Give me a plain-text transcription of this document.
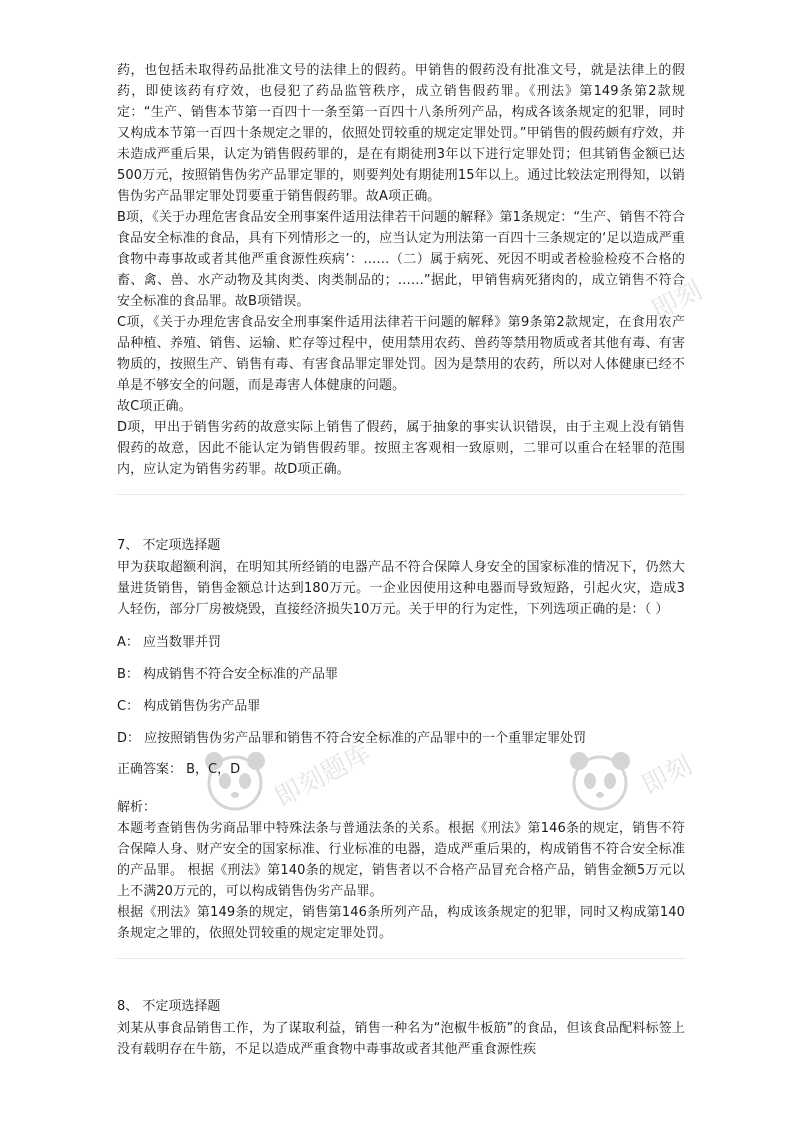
即刻
即刻题库	即刻

药，也包括未取得药品批准文号的法律上的假药。甲销售的假药没有批准文号，就是法律上的假药，即使该药有疗效，也侵犯了药品监管秩序，成立销售假药罪。《刑法》第149条第2款规定：“生产、销售本节第一百四十一条至第一百四十八条所列产品，构成各该条规定的犯罪，同时又构成本节第一百四十条规定之罪的，依照处罚较重的规定定罪处罚。”甲销售的假药颇有疗效，并未造成严重后果，认定为销售假药罪的，是在有期徒刑3年以下进行定罪处罚；但其销售金额已达500万元，按照销售伪劣产品罪定罪的，则要判处有期徒刑15年以上。通过比较法定刑得知，以销售伪劣产品罪定罪处罚要重于销售假药罪。故A项正确。

B项，《关于办理危害食品安全刑事案件适用法律若干问题的解释》第1条规定：“生产、销售不符合食品安全标准的食品，具有下列情形之一的，应当认定为刑法第一百四十三条规定的‘足以造成严重食物中毒事故或者其他严重食源性疾病’：……（二）属于病死、死因不明或者检验检疫不合格的畜、禽、兽、水产动物及其肉类、肉类制品的；……”据此，甲销售病死猪肉的，成立销售不符合安全标准的食品罪。故B项错误。

C项，《关于办理危害食品安全刑事案件适用法律若干问题的解释》第9条第2款规定，在食用农产品种植、养殖、销售、运输、贮存等过程中，使用禁用农药、兽药等禁用物质或者其他有毒、有害物质的，按照生产、销售有毒、有害食品罪定罪处罚。因为是禁用的农药，所以对人体健康已经不单是不够安全的问题，而是毒害人体健康的问题。

故C项正确。

D项，甲出于销售劣药的故意实际上销售了假药，属于抽象的事实认识错误，由于主观上没有销售假药的故意，因此不能认定为销售假药罪。按照主客观相一致原则，二罪可以重合在轻罪的范围内，应认定为销售劣药罪。故D项正确。

7、 不定项选择题

甲为获取超额利润，在明知其所经销的电器产品不符合保障人身安全的国家标准的情况下，仍然大量进货销售，销售金额总计达到180万元。一企业因使用这种电器而导致短路，引起火灾，造成3人轻伤，部分厂房被烧毁，直接经济损失10万元。关于甲的行为定性，下列选项正确的是：（ ）

A： 应当数罪并罚

B： 构成销售不符合安全标准的产品罪

C： 构成销售伪劣产品罪

D： 应按照销售伪劣产品罪和销售不符合安全标准的产品罪中的一个重罪定罪处罚

正确答案： B，C，D
解析：

本题考查销售伪劣商品罪中特殊法条与普通法条的关系。根据《刑法》第146条的规定，销售不符合保障人身、财产安全的国家标准、行业标准的电器，造成严重后果的，构成销售不符合安全标准的产品罪。 根据《刑法》第140条的规定，销售者以不合格产品冒充合格产品，销售金额5万元以上不满20万元的，可以构成销售伪劣产品罪。

根据《刑法》第149条的规定，销售第146条所列产品，构成该条规定的犯罪，同时又构成第140条规定之罪的，依照处罚较重的规定定罪处罚。

8、 不定项选择题

刘某从事食品销售工作，为了谋取利益，销售一种名为“泡椒牛板筋”的食品，但该食品配料标签上没有载明存在牛筋，不足以造成严重食物中毒事故或者其他严重食源性疾
